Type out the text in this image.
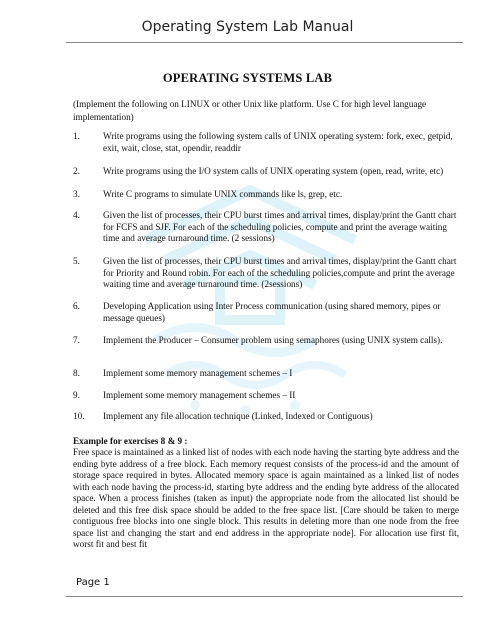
Operating System Lab Manual
OPERATING SYSTEMS LAB
(Implement the following on LINUX or other Unix like platform. Use C for high level language implementation)
1.	Write programs using the following system calls of UNIX operating system: fork, exec, getpid, exit, wait, close, stat, opendir, readdir
2.	Write programs using the I/O system calls of UNIX operating system (open, read, write, etc)
3.	Write C programs to simulate UNIX commands like ls, grep, etc.
4.	Given the list of processes, their CPU burst times and arrival times, display/print the Gantt chart for FCFS and SJF. For each of the scheduling policies, compute and print the average waiting time and average turnaround time. (2 sessions)
5.	Given the list of processes, their CPU burst times and arrival times, display/print the Gantt chart for Priority and Round robin. For each of the scheduling policies,compute and print the average waiting time and average turnaround time. (2sessions)
6.	Developing Application using Inter Process communication (using shared memory, pipes or message queues)
7.	Implement the Producer – Consumer problem using semaphores (using UNIX system calls).
8.	Implement some memory management schemes – I
9.	Implement some memory management schemes – II
10. Implement any file allocation technique (Linked, Indexed or Contiguous)
Example for exercises 8 & 9 :
Free space is maintained as a linked list of nodes with each node having the starting byte address and the ending byte address of a free block. Each memory request consists of the process-id and the amount of storage space required in bytes. Allocated memory space is again maintained as a linked list of nodes with each node having the process-id, starting byte address and the ending byte address of the allocated space. When a process finishes (taken as input) the appropriate node from the allocated list should be deleted and this free disk space should be added to the free space list. [Care should be taken to merge contiguous free blocks into one single block. This results in deleting more than one node from the free space list and changing the start and end address in the appropriate node]. For allocation use first fit, worst fit and best fit
Page 1
